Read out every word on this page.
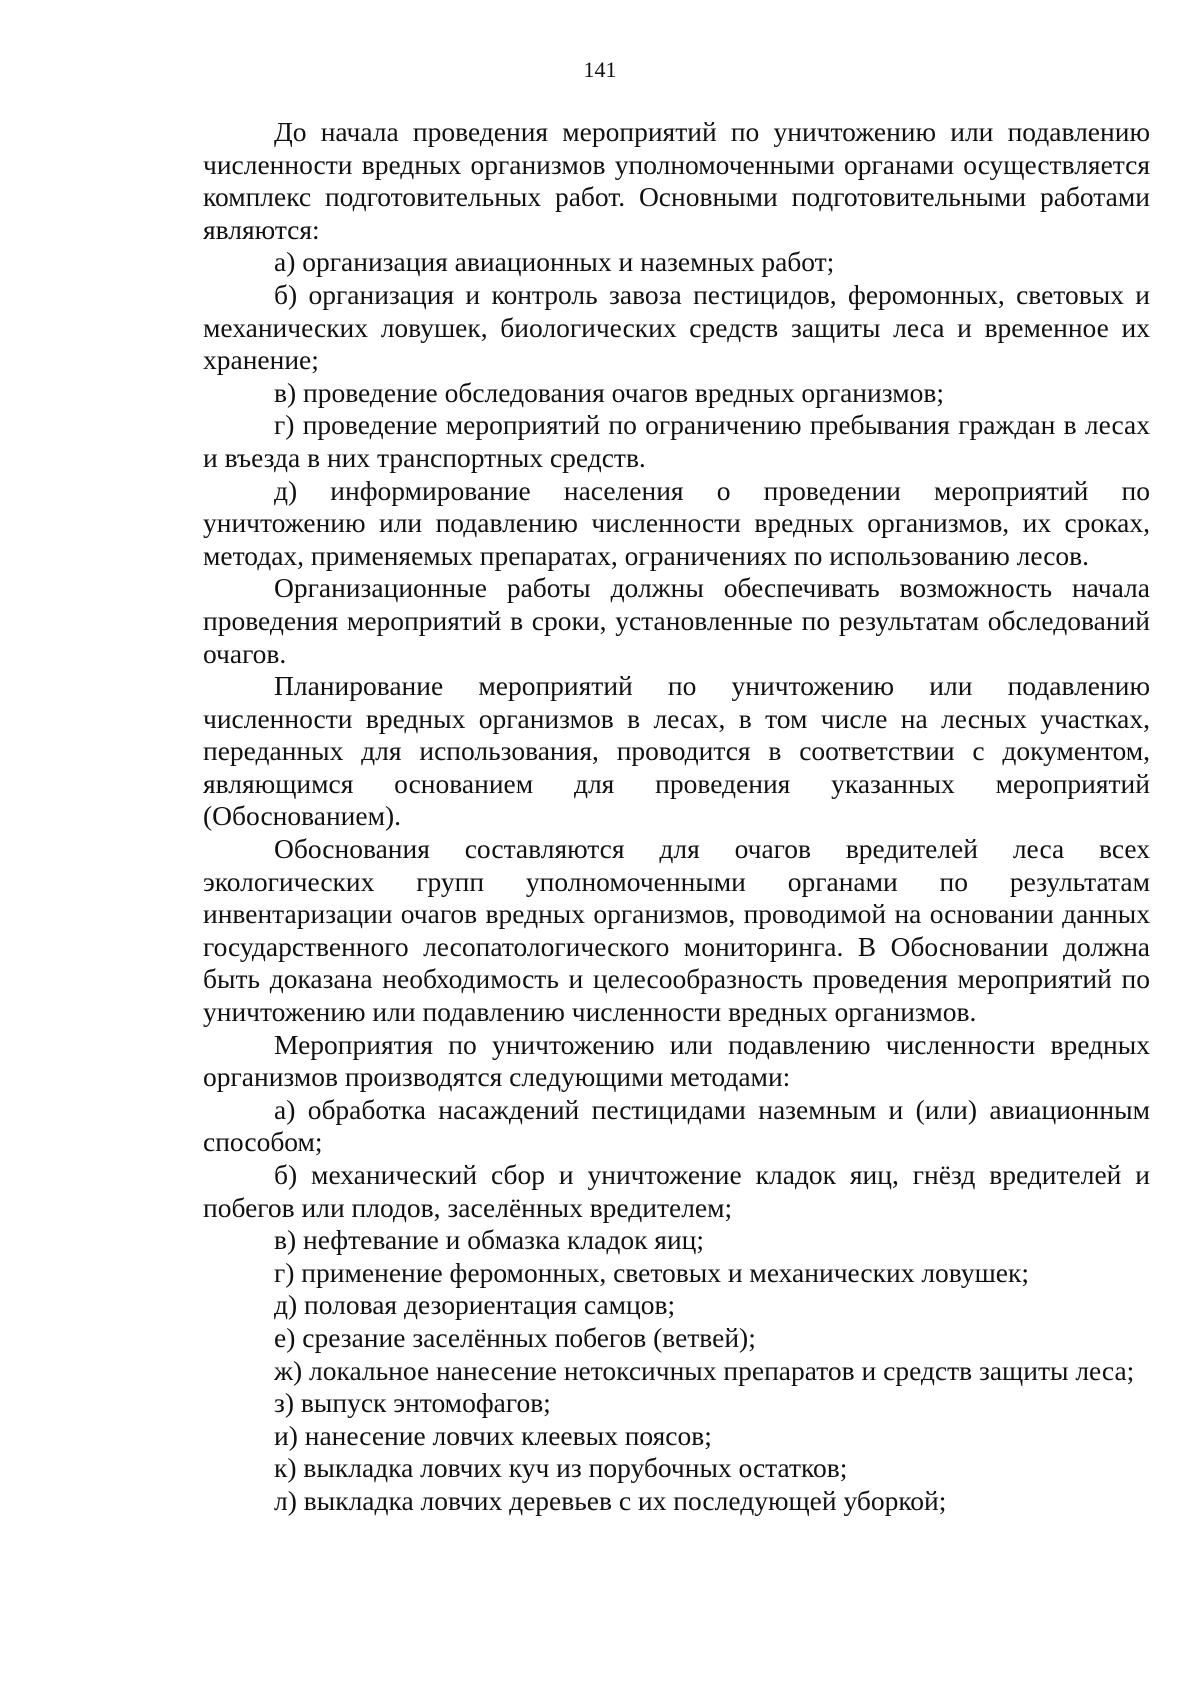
141

До начала проведения мероприятий по уничтожению или подавлению численности вредных организмов уполномоченными органами осуществляется комплекс подготовительных работ. Основными подготовительными работами являются:

а) организация авиационных и наземных работ;

б) организация и контроль завоза пестицидов, феромонных, световых и механических ловушек, биологических средств защиты леса и временное их хранение;

в) проведение обследования очагов вредных организмов;

г) проведение мероприятий по ограничению пребывания граждан в лесах и въезда в них транспортных средств.

д) информирование населения о проведении мероприятий по уничтожению или подавлению численности вредных организмов, их сроках, методах, применяемых препаратах, ограничениях по использованию лесов.

Организационные работы должны обеспечивать возможность начала проведения мероприятий в сроки, установленные по результатам обследований очагов.

Планирование мероприятий по уничтожению или подавлению численности вредных организмов в лесах, в том числе на лесных участках, переданных для использования, проводится в соответствии с документом, являющимся основанием для проведения указанных мероприятий (Обоснованием).

Обоснования составляются для очагов вредителей леса всех экологических групп уполномоченными органами по результатам инвентаризации очагов вредных организмов, проводимой на основании данных государственного лесопатологического мониторинга. В Обосновании должна быть доказана необходимость и целесообразность проведения мероприятий по уничтожению или подавлению численности вредных организмов.

Мероприятия по уничтожению или подавлению численности вредных организмов производятся следующими методами:

а) обработка насаждений пестицидами наземным и (или) авиационным способом;

б) механический сбор и уничтожение кладок яиц, гнёзд вредителей и побегов или плодов, заселённых вредителем;

в) нефтевание и обмазка кладок яиц;

г) применение феромонных, световых и механических ловушек;

д) половая дезориентация самцов;

е) срезание заселённых побегов (ветвей);

ж) локальное нанесение нетоксичных препаратов и средств защиты леса;

з) выпуск энтомофагов;

и) нанесение ловчих клеевых поясов;

к) выкладка ловчих куч из порубочных остатков;

л) выкладка ловчих деревьев с их последующей уборкой;
